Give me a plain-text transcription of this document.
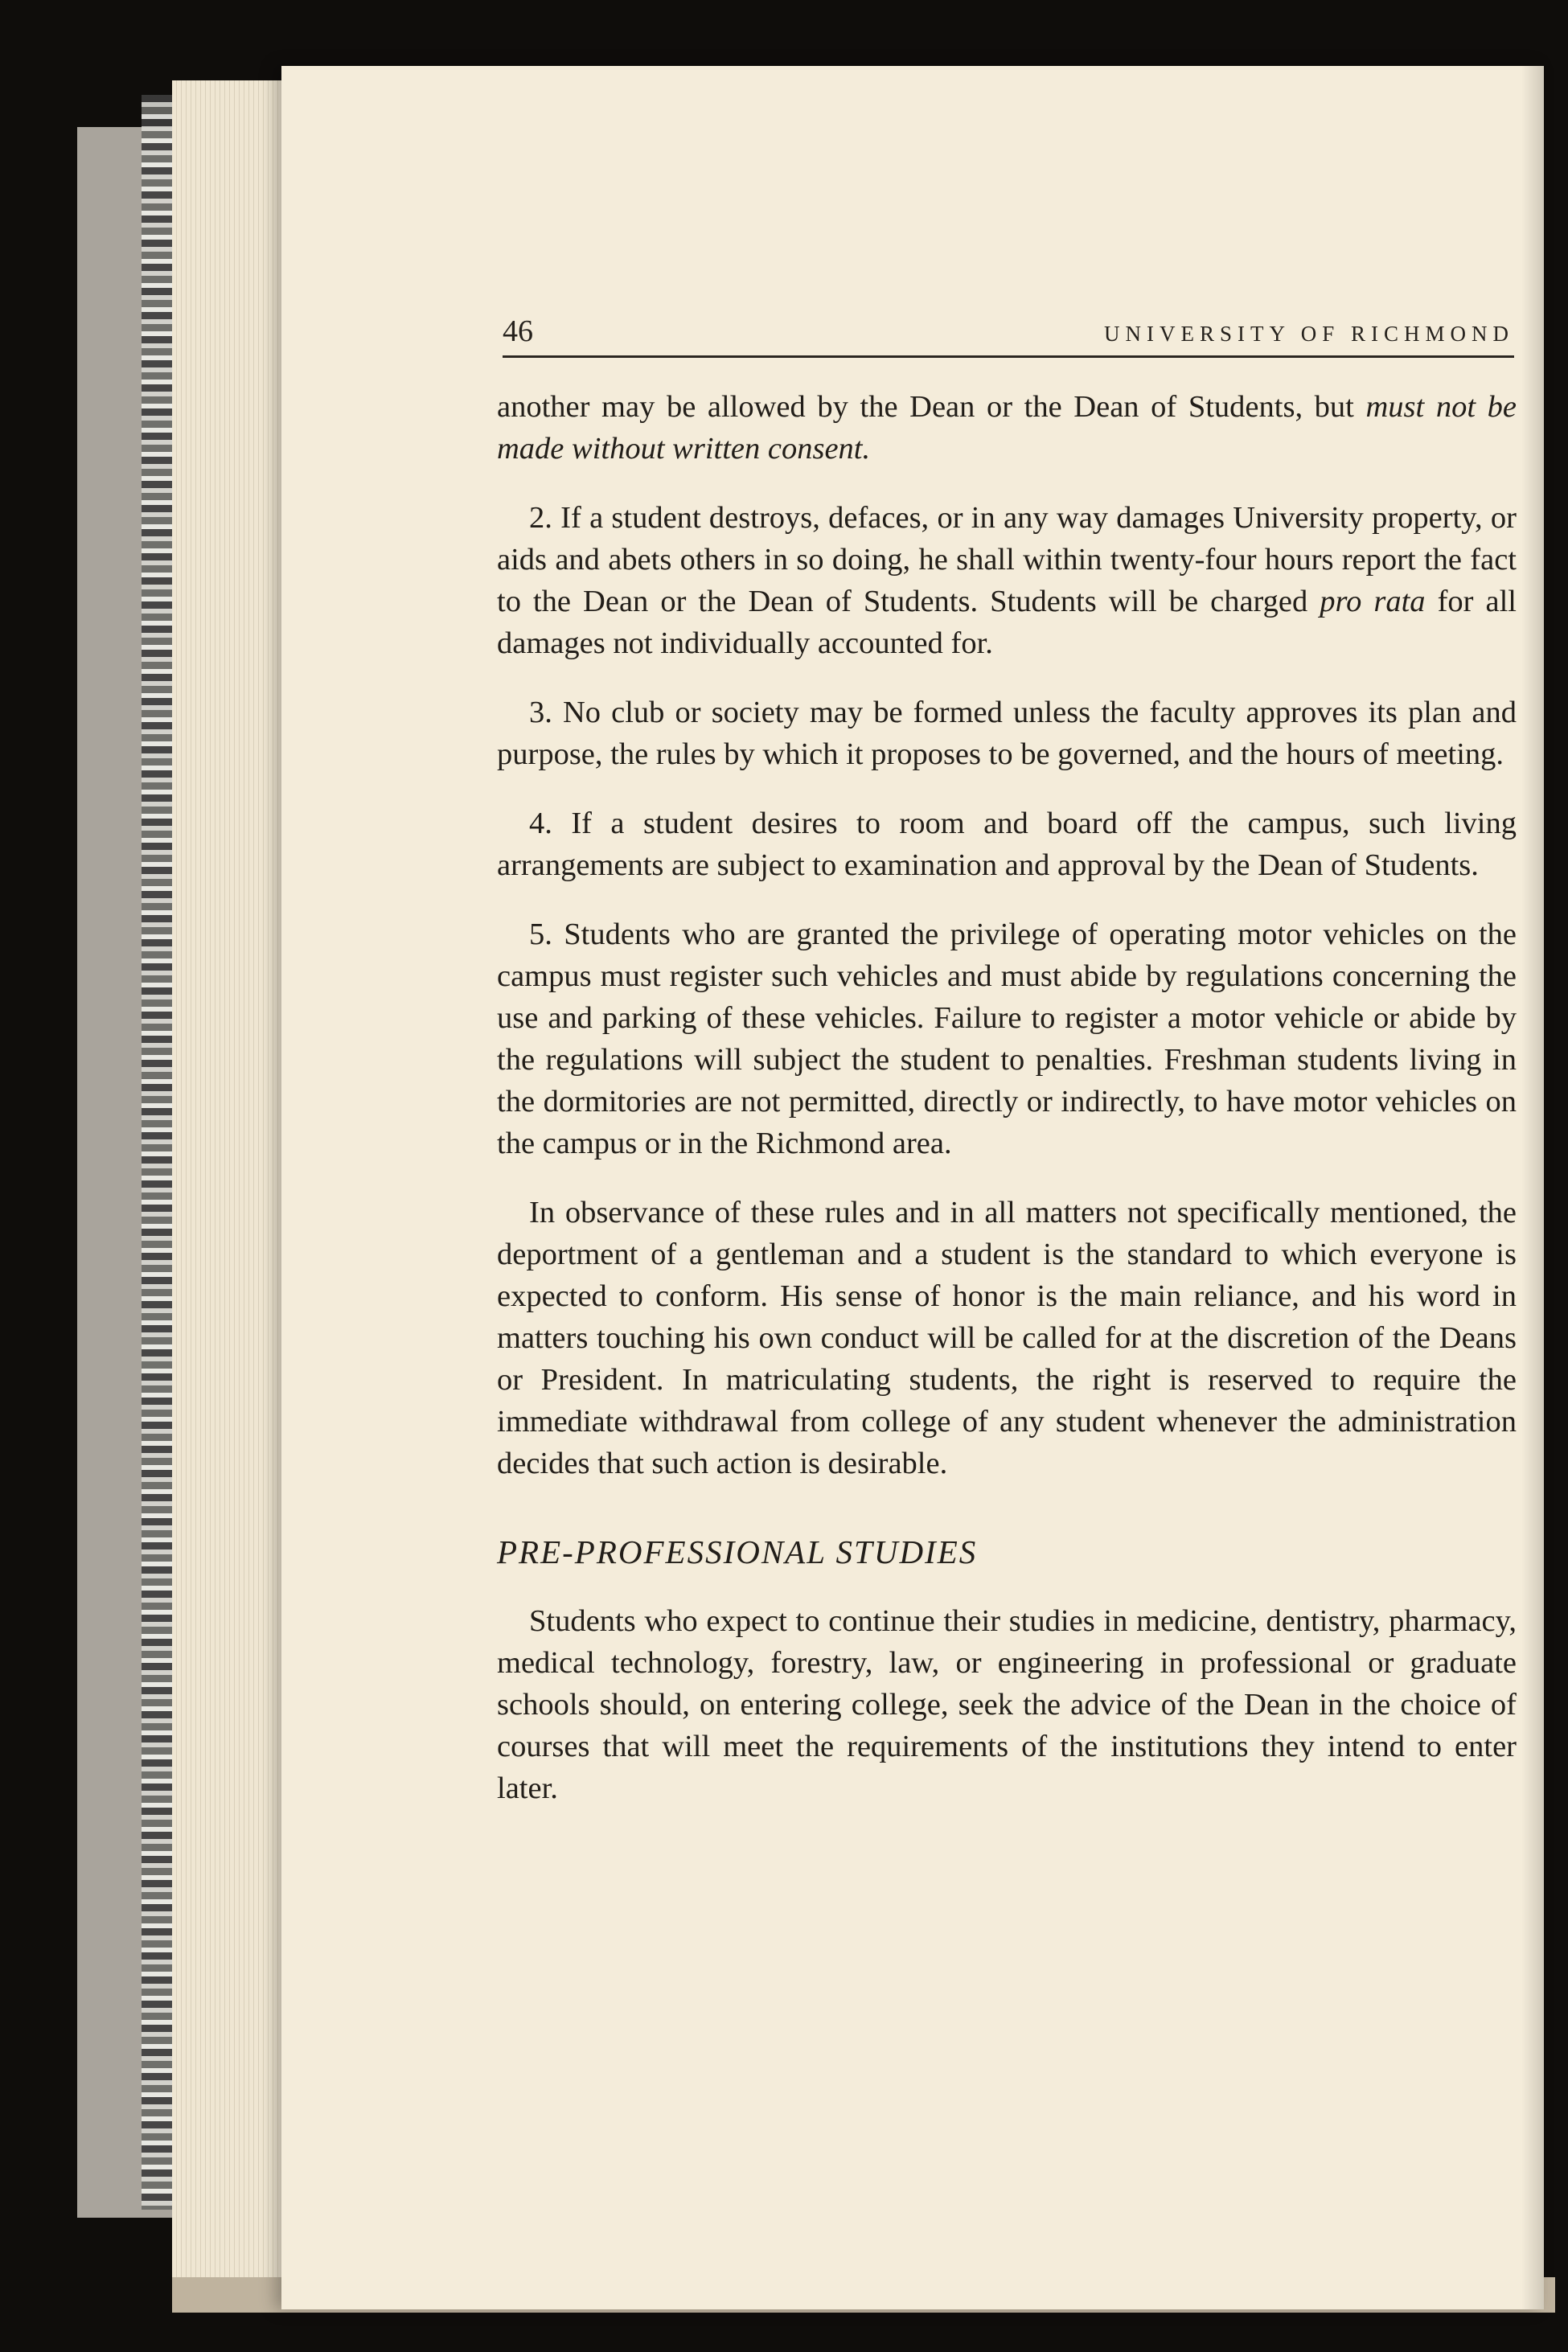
46	UNIVERSITY OF RICHMOND

another may be allowed by the Dean or the Dean of Students, but must not be made without written consent.

2. If a student destroys, defaces, or in any way damages University property, or aids and abets others in so doing, he shall within twenty-four hours report the fact to the Dean or the Dean of Students. Students will be charged pro rata for all damages not individually accounted for.

3. No club or society may be formed unless the faculty approves its plan and purpose, the rules by which it proposes to be governed, and the hours of meeting.

4. If a student desires to room and board off the campus, such living arrangements are subject to examination and approval by the Dean of Students.

5. Students who are granted the privilege of operating motor vehicles on the campus must register such vehicles and must abide by regulations concerning the use and parking of these vehicles. Failure to register a motor vehicle or abide by the regulations will subject the student to penalties. Freshman students living in the dormitories are not permitted, directly or indirectly, to have motor vehicles on the campus or in the Richmond area.

In observance of these rules and in all matters not specifically mentioned, the deportment of a gentleman and a student is the standard to which everyone is expected to conform. His sense of honor is the main reliance, and his word in matters touching his own conduct will be called for at the discretion of the Deans or President. In matriculating students, the right is reserved to require the immediate withdrawal from college of any student whenever the administration decides that such action is desirable.

PRE-PROFESSIONAL STUDIES

Students who expect to continue their studies in medicine, dentistry, pharmacy, medical technology, forestry, law, or engineering in professional or graduate schools should, on entering college, seek the advice of the Dean in the choice of courses that will meet the requirements of the institutions they intend to enter later.
